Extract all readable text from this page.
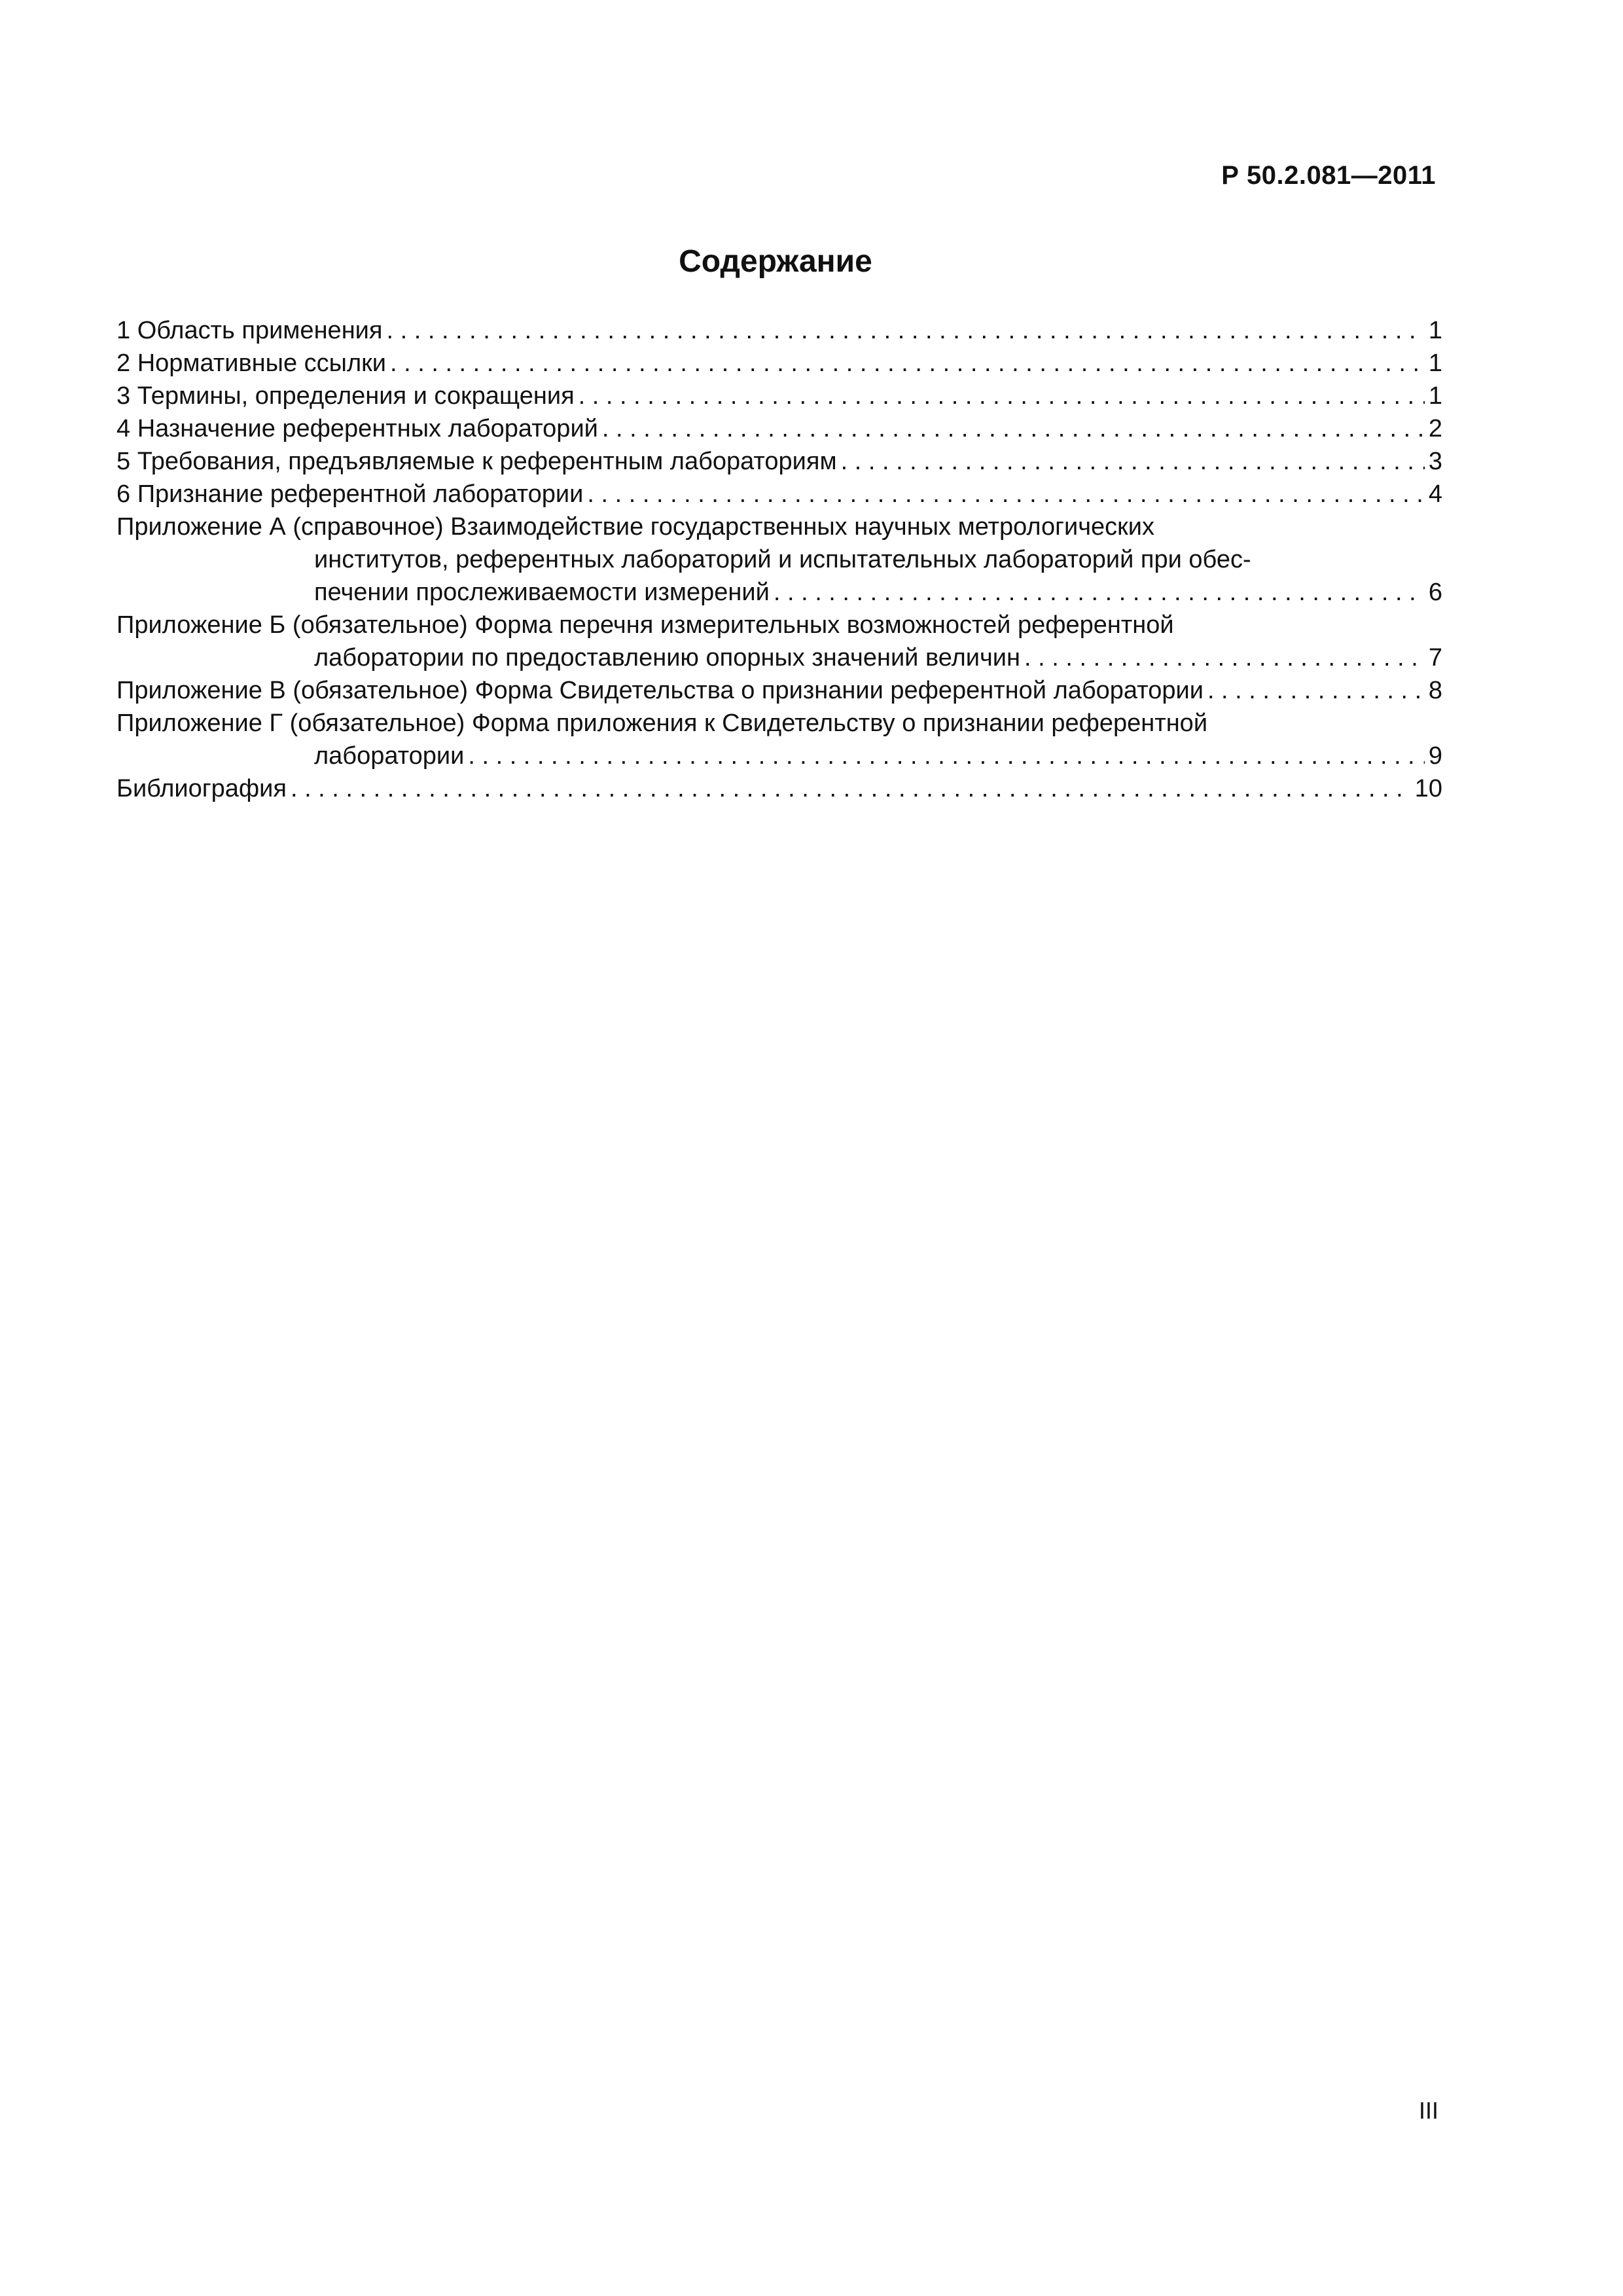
Р 50.2.081—2011
Содержание
1 Область применения . . .	1
2 Нормативные ссылки . . .	1
3 Термины, определения и сокращения . . .	1
4 Назначение референтных лабораторий . . .	2
5 Требования, предъявляемые к референтным лабораториям . . .	3
6 Признание референтной лаборатории . . .	4
Приложение А (справочное) Взаимодействие государственных научных метрологических
институтов, референтных лабораторий и испытательных лабораторий при обес-
печении прослеживаемости измерений . . .	6
Приложение Б (обязательное) Форма перечня измерительных возможностей референтной
лаборатории по предоставлению опорных значений величин . . .	7
Приложение В (обязательное) Форма Свидетельства о признании референтной лаборатории . . .	8
Приложение Г (обязательное) Форма приложения к Свидетельству о признании референтной
лаборатории . . .	9
Библиография . . .	10
III
